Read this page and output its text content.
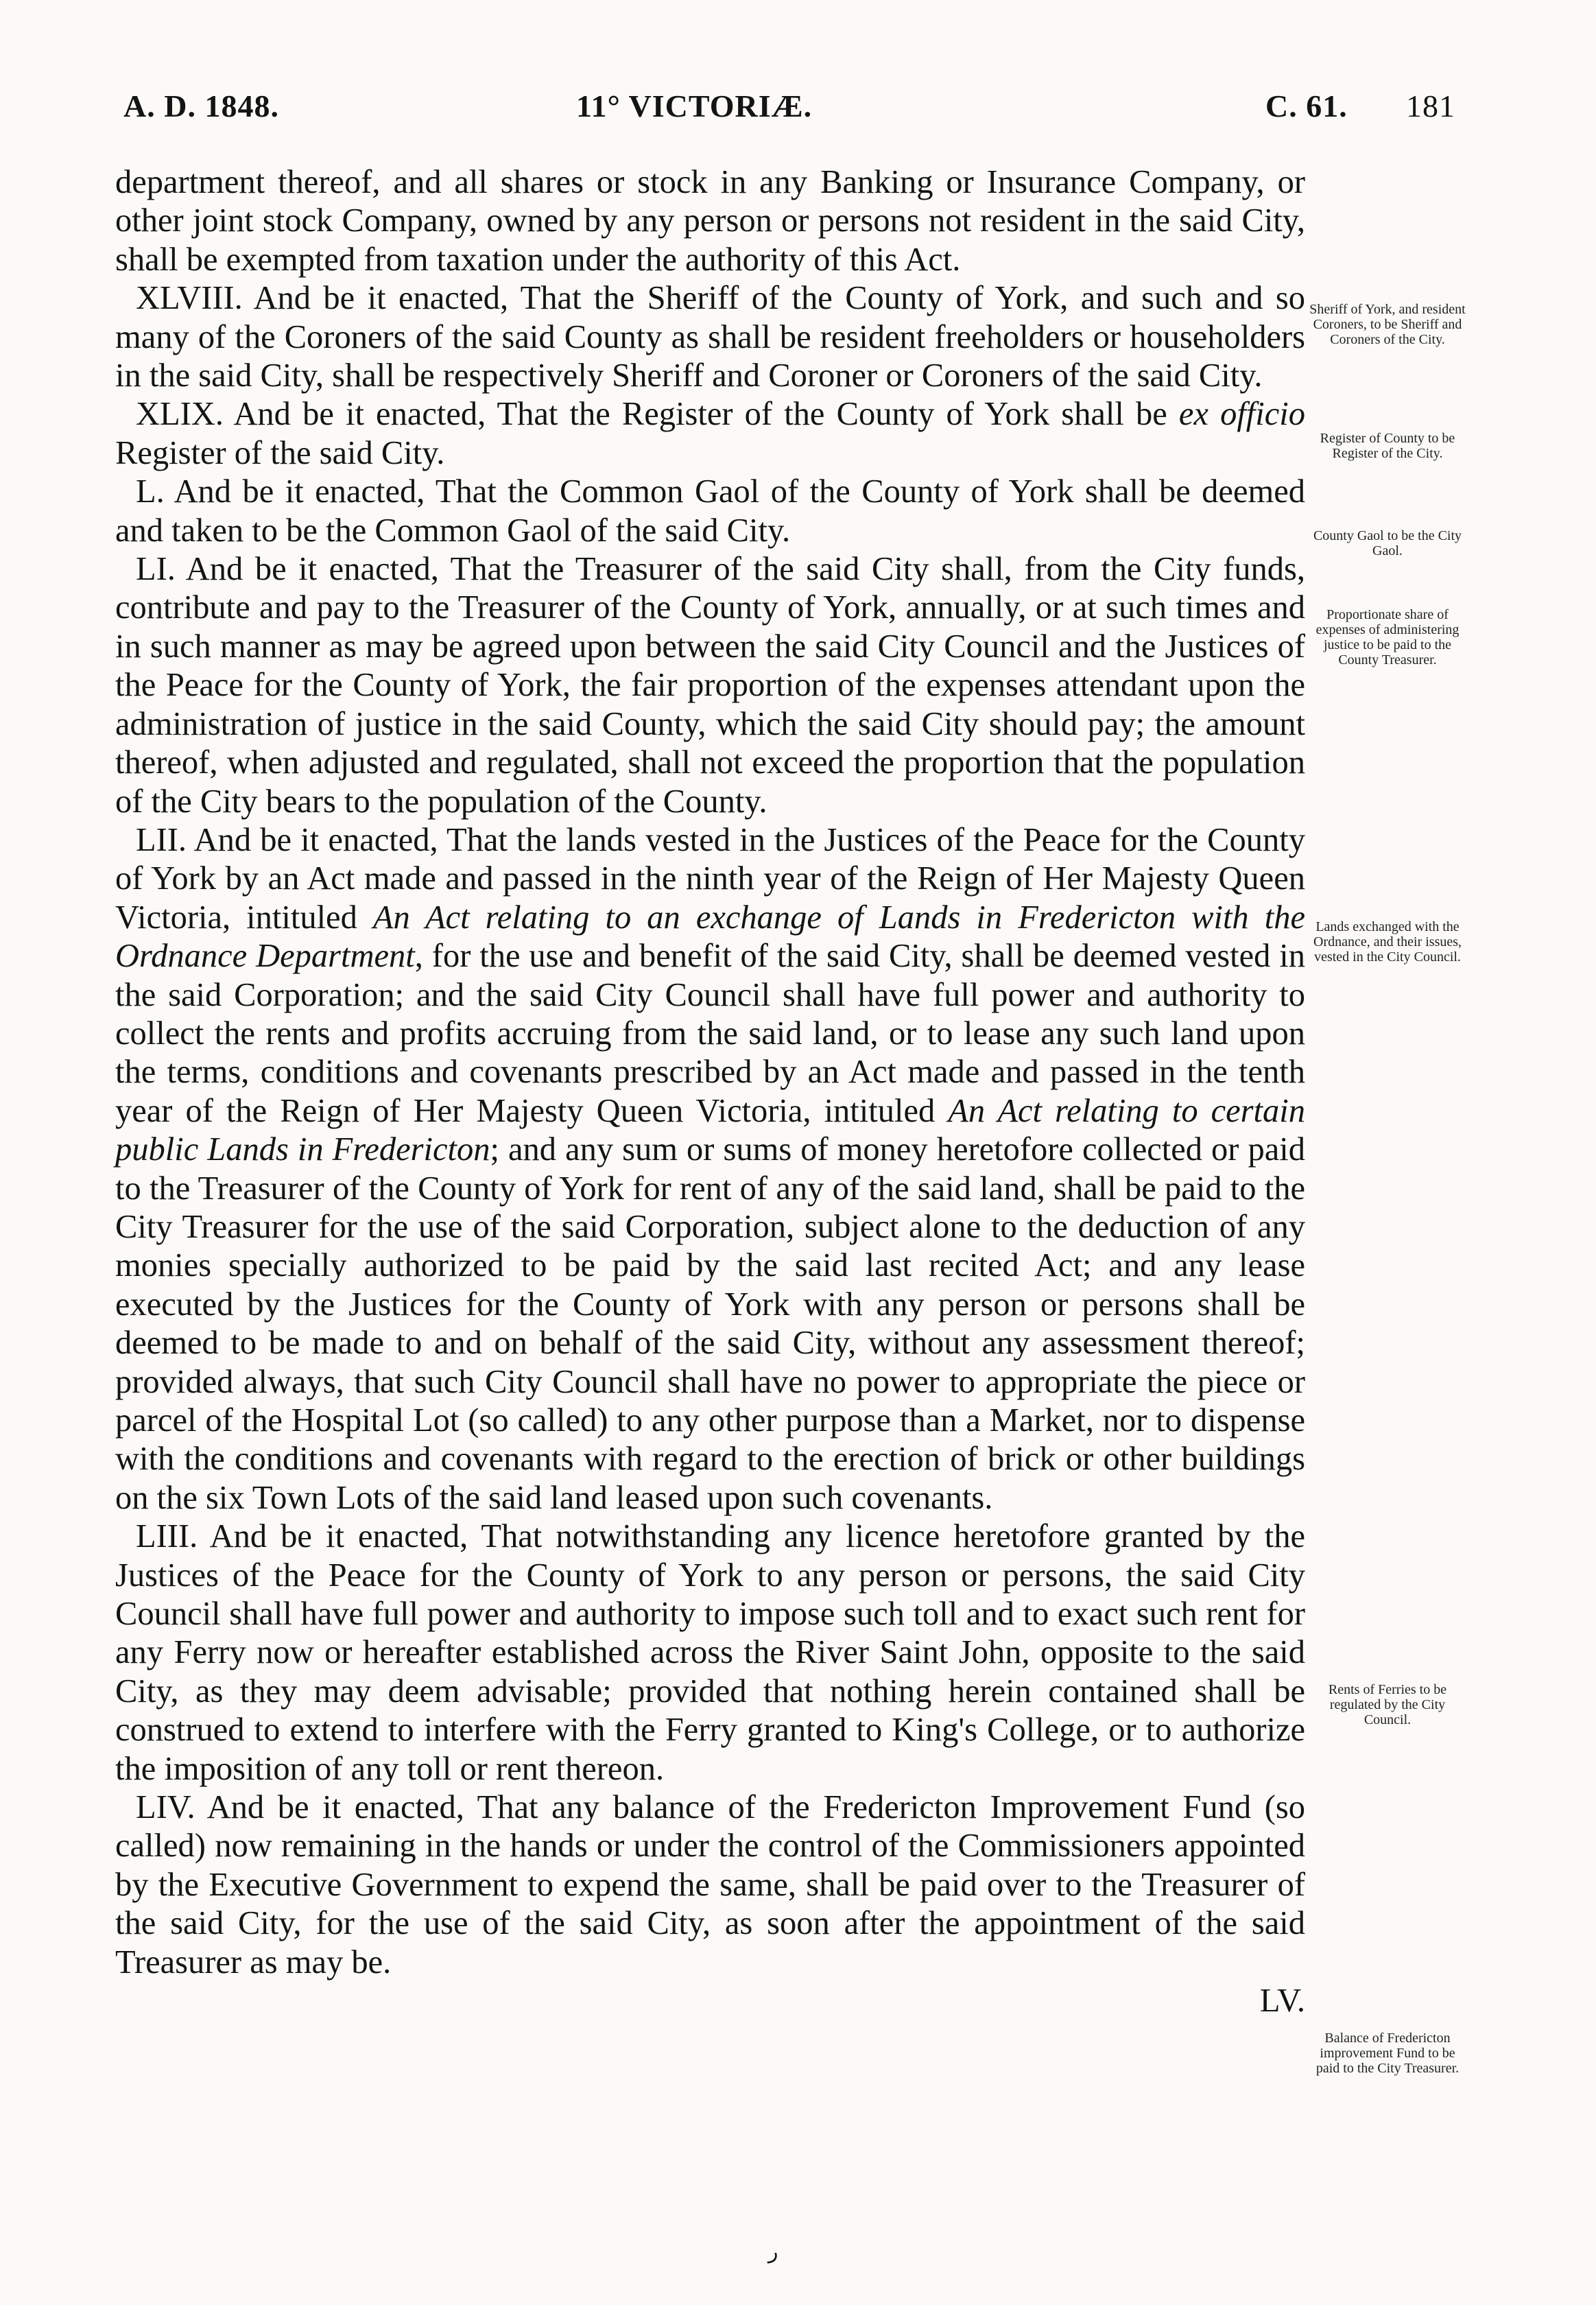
A. D. 1848.	11° VICTORIÆ.	C. 61. 181

department thereof, and all shares or stock in any Banking or Insurance Company, or other joint stock Company, owned by any person or persons not resident in the said City, shall be exempted from taxation under the authority of this Act.

XLVIII. And be it enacted, That the Sheriff of the County of York, and such and so many of the Coroners of the said County as shall be resident freeholders or householders in the said City, shall be respectively Sheriff and Coroner or Coroners of the said City.

XLIX. And be it enacted, That the Register of the County of York shall be ex officio Register of the said City.

L. And be it enacted, That the Common Gaol of the County of York shall be deemed and taken to be the Common Gaol of the said City.

LI. And be it enacted, That the Treasurer of the said City shall, from the City funds, contribute and pay to the Treasurer of the County of York, annually, or at such times and in such manner as may be agreed upon between the said City Council and the Justices of the Peace for the County of York, the fair proportion of the expenses attendant upon the administration of justice in the said County, which the said City should pay; the amount thereof, when adjusted and regulated, shall not exceed the proportion that the population of the City bears to the population of the County.

LII. And be it enacted, That the lands vested in the Justices of the Peace for the County of York by an Act made and passed in the ninth year of the Reign of Her Majesty Queen Victoria, intituled An Act relating to an exchange of Lands in Fredericton with the Ordnance Department, for the use and benefit of the said City, shall be deemed vested in the said Corporation; and the said City Council shall have full power and authority to collect the rents and profits accruing from the said land, or to lease any such land upon the terms, conditions and covenants prescribed by an Act made and passed in the tenth year of the Reign of Her Majesty Queen Victoria, intituled An Act relating to certain public Lands in Fredericton; and any sum or sums of money heretofore collected or paid to the Treasurer of the County of York for rent of any of the said land, shall be paid to the City Treasurer for the use of the said Corporation, subject alone to the deduction of any monies specially authorized to be paid by the said last recited Act; and any lease executed by the Justices for the County of York with any person or persons shall be deemed to be made to and on behalf of the said City, without any assessment thereof; provided always, that such City Council shall have no power to appropriate the piece or parcel of the Hospital Lot (so called) to any other purpose than a Market, nor to dispense with the conditions and covenants with regard to the erection of brick or other buildings on the six Town Lots of the said land leased upon such covenants.

LIII. And be it enacted, That notwithstanding any licence heretofore granted by the Justices of the Peace for the County of York to any person or persons, the said City Council shall have full power and authority to impose such toll and to exact such rent for any Ferry now or hereafter established across the River Saint John, opposite to the said City, as they may deem advisable; provided that nothing herein contained shall be construed to extend to interfere with the Ferry granted to King's College, or to authorize the imposition of any toll or rent thereon.

LIV. And be it enacted, That any balance of the Fredericton Improvement Fund (so called) now remaining in the hands or under the control of the Commissioners appointed by the Executive Government to expend the same, shall be paid over to the Treasurer of the said City, for the use of the said City, as soon after the appointment of the said Treasurer as may be.

LV.

Sheriff of York, and resident Coroners, to be Sheriff and Coroners of the City.
Register of County to be Register of the City.
County Gaol to be the City Gaol.
Proportionate share of expenses of administering justice to be paid to the County Treasurer.
Lands exchanged with the Ordnance, and their issues, vested in the City Council.
Rents of Ferries to be regulated by the City Council.
Balance of Fredericton improvement Fund to be paid to the City Treasurer.
ر
